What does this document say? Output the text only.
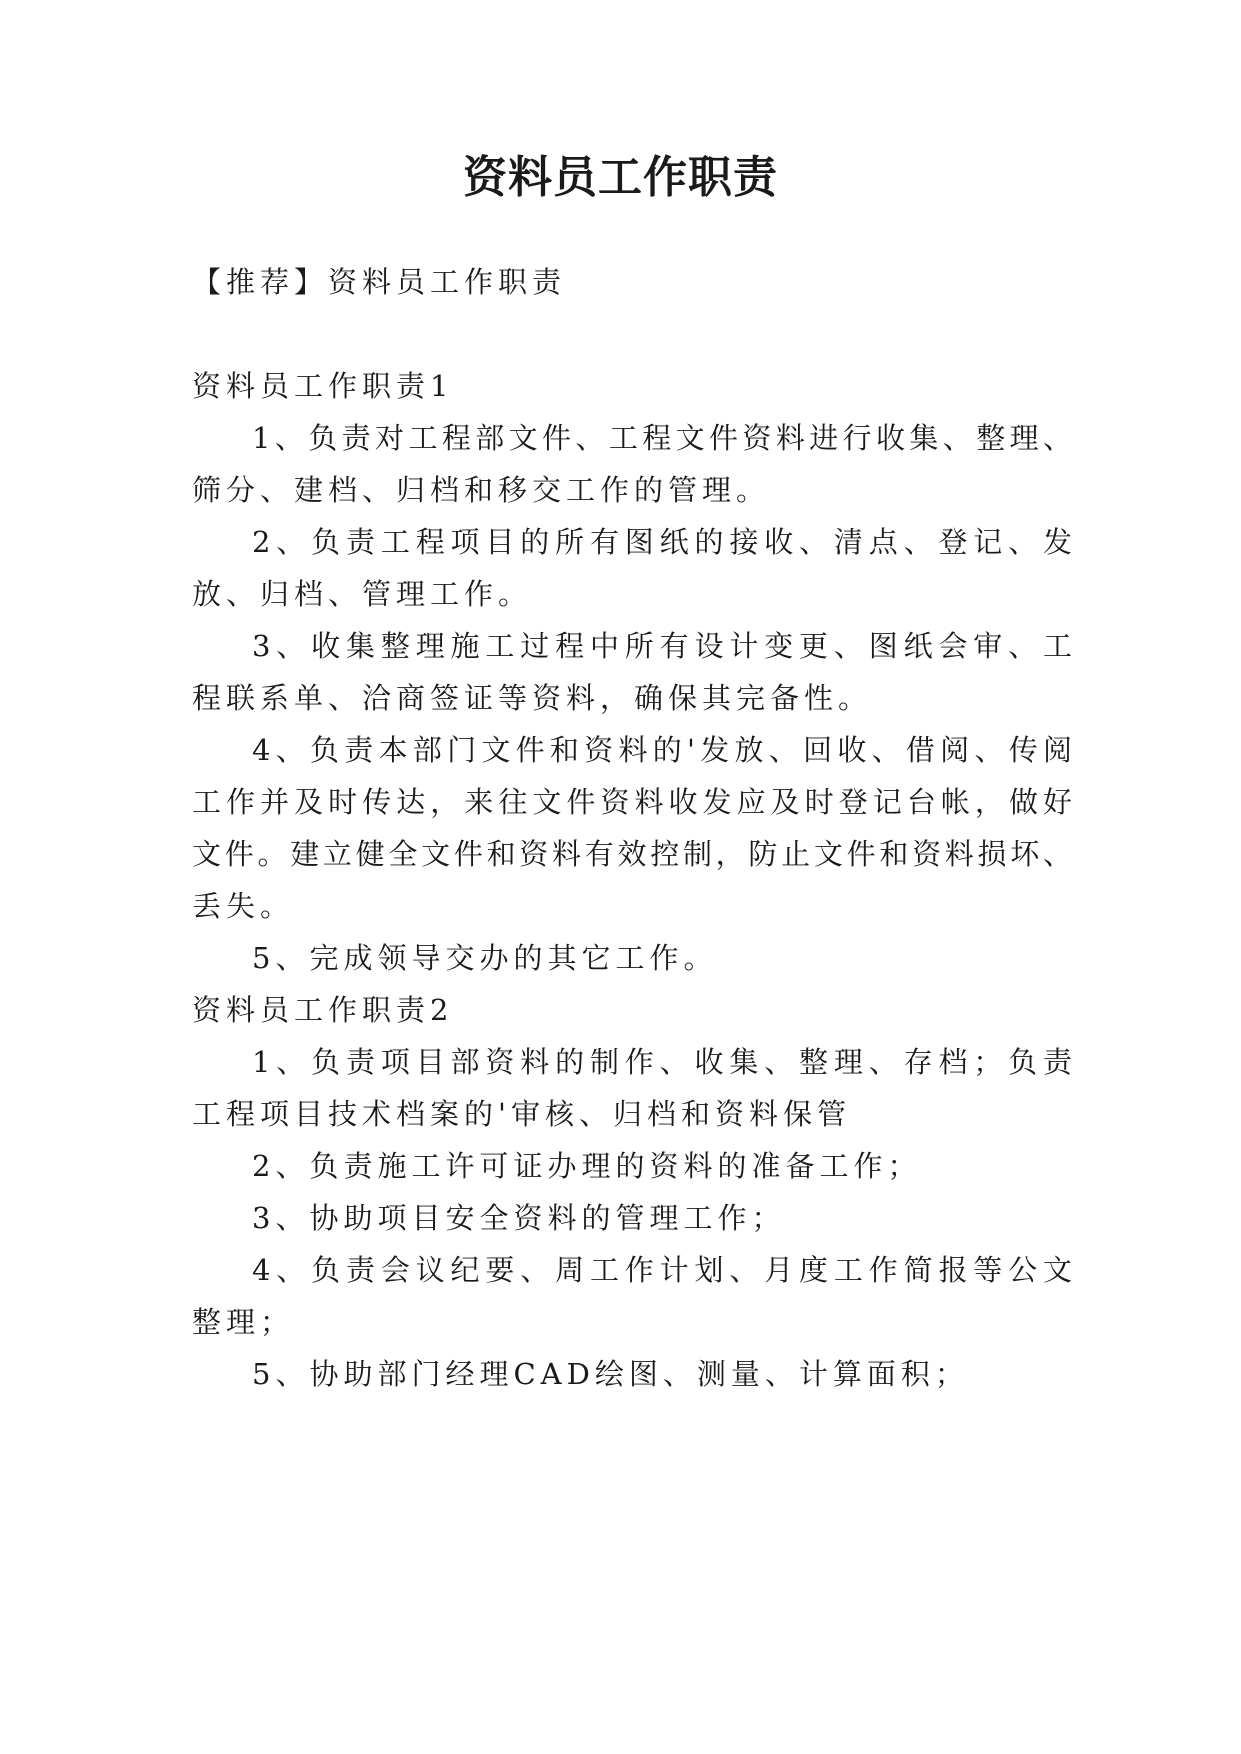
资料员工作职责
【推荐】资料员工作职责
资料员工作职责1
1、负责对工程部文件、工程文件资料进行收集、整理、
筛分、建档、归档和移交工作的管理。
2、负责工程项目的所有图纸的接收、清点、登记、发
放、归档、管理工作。
3、收集整理施工过程中所有设计变更、图纸会审、工
程联系单、洽商签证等资料，确保其完备性。
4、负责本部门文件和资料的'发放、回收、借阅、传阅
工作并及时传达，来往文件资料收发应及时登记台帐，做好
文件。建立健全文件和资料有效控制，防止文件和资料损坏、
丢失。
5、完成领导交办的其它工作。
资料员工作职责2
1、负责项目部资料的制作、收集、整理、存档；负责
工程项目技术档案的'审核、归档和资料保管
2、负责施工许可证办理的资料的准备工作；
3、协助项目安全资料的管理工作；
4、负责会议纪要、周工作计划、月度工作简报等公文
整理；
5、协助部门经理CAD绘图、测量、计算面积；
